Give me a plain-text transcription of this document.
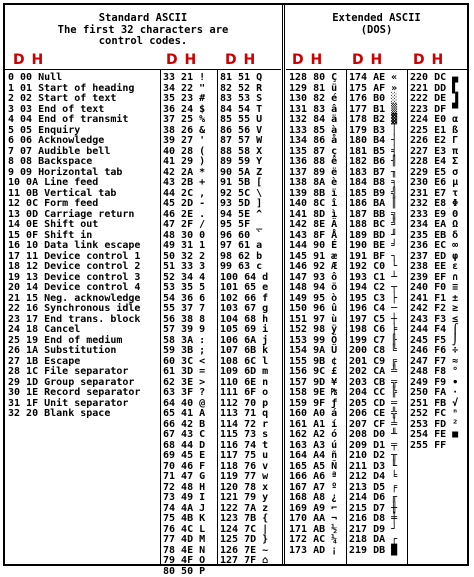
Standard ASCII
The first 32 characters are
control codes.
D H	D H D H
0 00 Null
1 01 Start of heading
2 02 Start of text
3 03 End of text
4 04 End of transmit
5 05 Enquiry
6 06 Acknowledge
7 07 Audible bell
8 08 Backspace
9 09 Horizontal tab
10 0A Line feed
11 0B Vertical tab
12 0C Form feed
13 0D Carriage return
14 0E Shift out
15 0F Shift in
16 10 Data link escape
17 11 Device control 1
18 12 Device control 2
19 13 Device control 3
20 14 Device control 4
21 15 Neg. acknowledge
22 16 Synchronous idle
23 17 End trans. block
24 18 Cancel
25 19 End of medium
26 1A Substitution
27 1B Escape
28 1C File separator
29 1D Group separator
30 1E Record separator
31 1F Unit separator
32 20 Blank space
33 21 !
34 22 "
35 23 #
36 24 $
37 25 %
38 26 &
39 27 '
40 28 (
41 29 )
42 2A *
43 2B +
44 2C ,
45 2D -
46 2E .
47 2F /
48 30 0
49 31 1
50 32 2
51 33 3
52 34 4
53 35 5
54 36 6
55 37 7
56 38 8
57 39 9
58 3A :
59 3B ;
60 3C <
61 3D =
62 3E >
63 3F ?
64 40 @
65 41 A
66 42 B
67 43 C
68 44 D
69 45 E
70 46 F
71 47 G
72 48 H
73 49 I
74 4A J
75 4B K
76 4C L
77 4D M
78 4E N
79 4F O
80 50 P
81 51 Q
82 52 R
83 53 S
84 54 T
85 55 U
86 56 V
87 57 W
88 58 X
89 59 Y
90 5A Z
91 5B [
92 5C \
93 5D ]
94 5E ^
95 5F _
96 60 `
97 61 a
98 62 b
99 63 c
100 64 d
101 65 e
102 66 f
103 67 g
104 68 h
105 69 i
106 6A j
107 6B k
108 6C l
109 6D m
110 6E n
111 6F o
112 70 p
113 71 q
114 72 r
115 73 s
116 74 t
117 75 u
118 76 v
119 77 w
120 78 x
121 79 y
122 7A z
123 7B {
124 7C |
125 7D }
126 7E ~
127 7F ⌂
Extended ASCII
(DOS)
D H D H D H
128 80 Ç
129 81 ü
130 82 é
131 83 â
132 84 ä
133 85 à
134 86 å
135 87 ç
136 88 ê
137 89 ë
138 8A è
139 8B ï
140 8C î
141 8D ì
142 8E Ä
143 8F Å
144 90 É
145 91 æ
146 92 Æ
147 93 ô
148 94 ö
149 95 ò
150 96 û
151 97 ù
152 98 ÿ
153 99 Ö
154 9A Ü
155 9B ¢
156 9C £
157 9D ¥
158 9E ₧
159 9F ƒ
160 A0 á
161 A1 í
162 A2 ó
163 A3 ú
164 A4 ñ
165 A5 Ñ
166 A6 ª
167 A7 º
168 A8 ¿
169 A9 ⌐
170 AA ¬
171 AB ½
172 AC ¼
173 AD ¡
174 AE «
175 AF »
176 B0 ░
177 B1 ▒
178 B2 ▓
179 B3 │
180 B4 ┤
181 B5 ╡
182 B6 ╢
183 B7 ╖
184 B8 ╕
185 B9 ╣
186 BA ║
187 BB ╗
188 BC ╝
189 BD ╜
190 BE ╛
191 BF ┐
192 C0 └
193 C1 ┴
194 C2 ┬
195 C3 ├
196 C4 ─
197 C5 ┼
198 C6 ╞
199 C7 ╟
200 C8 ╚
201 C9 ╔
202 CA ╩
203 CB ╦
204 CC ╠
205 CD ═
206 CE ╬
207 CF ╧
208 D0 ╨
209 D1 ╤
210 D2 ╥
211 D3 ╙
212 D4 ╘
213 D5 ╒
214 D6 ╓
215 D7 ╫
216 D8 ╪
217 D9 ┘
218 DA ┌
219 DB █
220 DC ▄
221 DD ▌
222 DE ▐
223 DF ▀
224 E0 α
225 E1 ß
226 E2 Γ
227 E3 π
228 E4 Σ
229 E5 σ
230 E6 µ
231 E7 τ
232 E8 Φ
233 E9 Θ
234 EA Ω
235 EB δ
236 EC ∞
237 ED φ
238 EE ε
239 EF ∩
240 F0 ≡
241 F1 ±
242 F2 ≥
243 F3 ≤
244 F4 ⌠
245 F5 ⌡
246 F6 ÷
247 F7 ≈
248 F8 °
249 F9 ∙
250 FA ·
251 FB √
252 FC ⁿ
253 FD ²
254 FE ■
255 FF
